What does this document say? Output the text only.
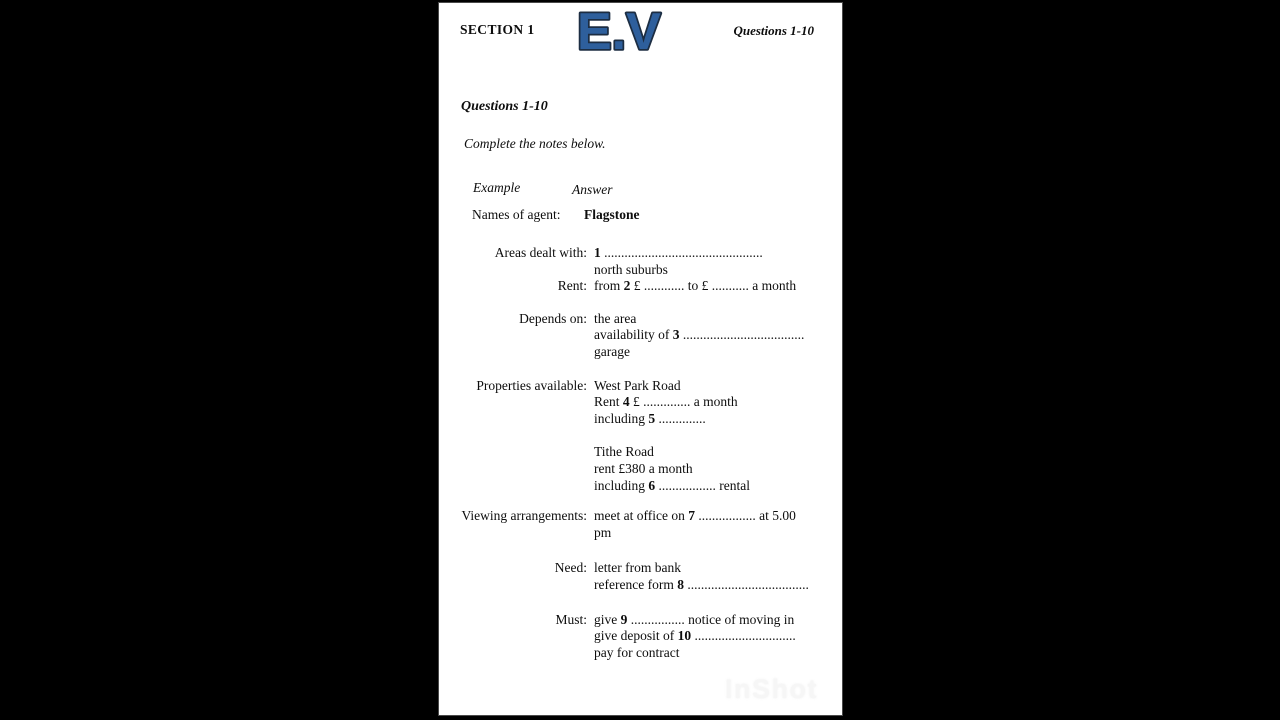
SECTION 1 E.V	Questions 1-10
Questions 1-10
Complete the notes below.
Example	Answer
Names of agent: Flagstone
Areas dealt with: 1 ...............................................
north suburbs
Rent: from 2 £ ............ to £ ........... a month
Depends on: the area
availability of 3 ....................................
garage
Properties available: West Park Road
Rent 4 £ .............. a month
including 5 ..............
Tithe Road
rent £380 a month
including 6 ................. rental
Viewing arrangements: meet at office on 7 ................. at 5.00 pm
Need: letter from bank
reference form 8 ....................................
Must: give 9 ................ notice of moving in
give deposit of 10 ..............................
pay for contract
InShot
